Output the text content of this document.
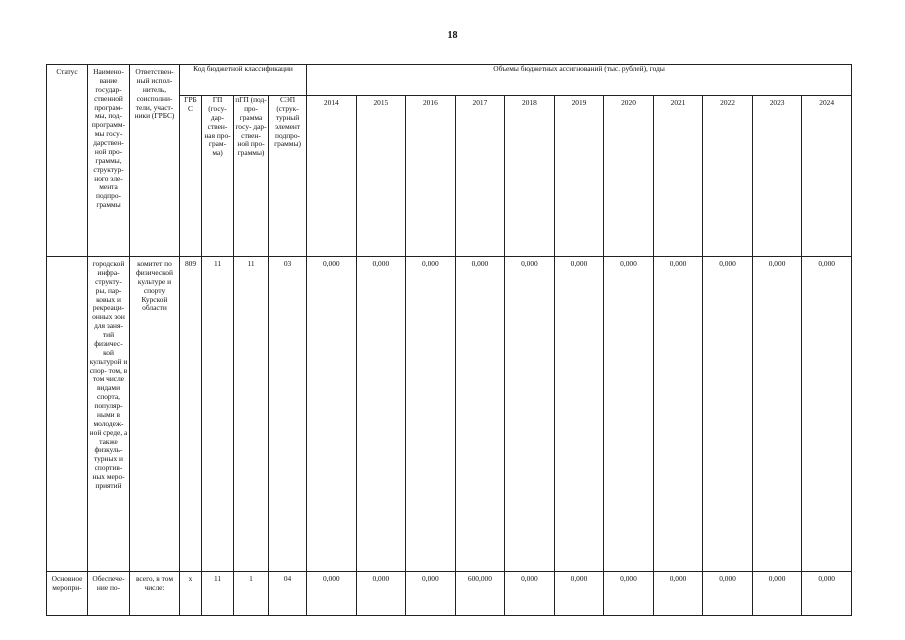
18
Статус	Наимено- вание государ- ственной програм- мы, под- программ- мы госу- дарствен- ной про- граммы, структур- ного эле- мента подпро- граммы	Ответствен- ный испол- нитель, соисполни- тели, участ- ники (ГРБС)	Код бюджетной классификации				Объемы бюджетных ассигнований (тыс. рублей), годы										
			ГРБ С	ГП (госу- дар- ствен- ная про- грам- ма)	пГП (под- про- грамма госу- дар- ствен- ной про- граммы)	СЭП (струк- турный элемент подпро- граммы)	2014	2015	2016	2017	2018	2019	2020	2021	2022	2023	2024
	городской инфра- структу- ры, пар- ковых и рекреаци- онных зон для заня- тий физичес- кой культурой и спор- том, в том числе видами спорта, популяр- ными в молодеж- ной среде, а также физкуль- турных и спортив- ных меро- приятий	комитет по физической культуре и спорту Курской области	809	11	11	03	0,000	0,000	0,000	0,000	0,000	0,000	0,000	0,000	0,000	0,000	0,000
Основное меропри-	Обеспече- ние по-	всего, в том числе:	х	11	1	04	0,000	0,000	0,000	600,000	0,000	0,000	0,000	0,000	0,000	0,000	0,000
